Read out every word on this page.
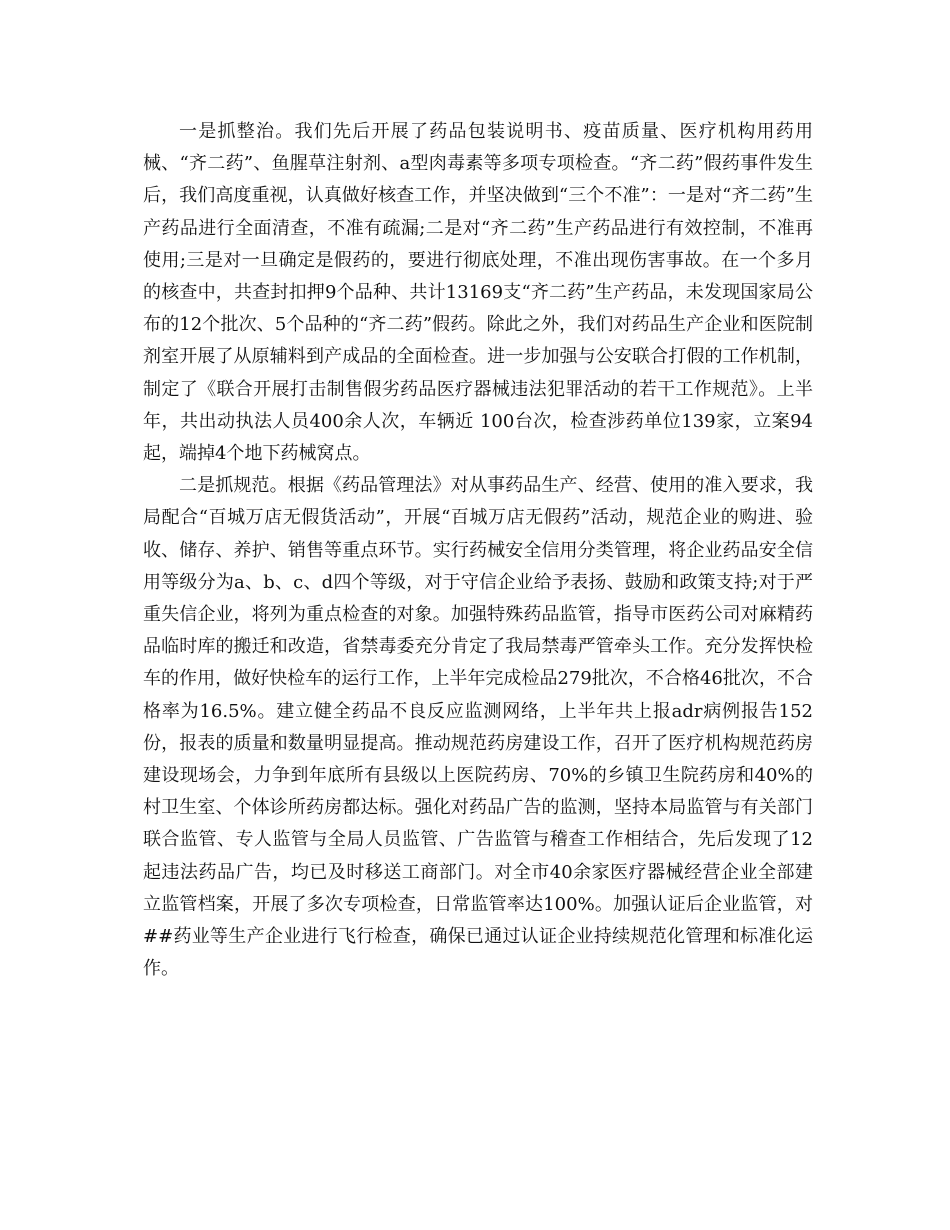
一是抓整治。我们先后开展了药品包装说明书、疫苗质量、医疗机构用药用械、“齐二药”、鱼腥草注射剂、a型肉毒素等多项专项检查。“齐二药”假药事件发生后，我们高度重视，认真做好核查工作，并坚决做到“三个不准”：一是对“齐二药”生产药品进行全面清查，不准有疏漏;二是对“齐二药”生产药品进行有效控制，不准再使用;三是对一旦确定是假药的，要进行彻底处理，不准出现伤害事故。在一个多月的核查中，共查封扣押9个品种、共计13169支“齐二药”生产药品，未发现国家局公布的12个批次、5个品种的“齐二药”假药。除此之外，我们对药品生产企业和医院制剂室开展了从原辅料到产成品的全面检查。进一步加强与公安联合打假的工作机制，制定了《联合开展打击制售假劣药品医疗器械违法犯罪活动的若干工作规范》。上半年，共出动执法人员400余人次，车辆近 100台次，检查涉药单位139家，立案94起，端掉4个地下药械窝点。

二是抓规范。根据《药品管理法》对从事药品生产、经营、使用的准入要求，我局配合“百城万店无假货活动”，开展“百城万店无假药”活动，规范企业的购进、验收、储存、养护、销售等重点环节。实行药械安全信用分类管理，将企业药品安全信用等级分为a、b、c、d四个等级，对于守信企业给予表扬、鼓励和政策支持;对于严重失信企业，将列为重点检查的对象。加强特殊药品监管，指导市医药公司对麻精药品临时库的搬迁和改造，省禁毒委充分肯定了我局禁毒严管牵头工作。充分发挥快检车的作用，做好快检车的运行工作，上半年完成检品279批次，不合格46批次，不合格率为16.5%。建立健全药品不良反应监测网络，上半年共上报adr病例报告152份，报表的质量和数量明显提高。推动规范药房建设工作，召开了医疗机构规范药房建设现场会，力争到年底所有县级以上医院药房、70%的乡镇卫生院药房和40%的村卫生室、个体诊所药房都达标。强化对药品广告的监测，坚持本局监管与有关部门联合监管、专人监管与全局人员监管、广告监管与稽查工作相结合，先后发现了12起违法药品广告，均已及时移送工商部门。对全市40余家医疗器械经营企业全部建立监管档案，开展了多次专项检查，日常监管率达100%。加强认证后企业监管，对##药业等生产企业进行飞行检查，确保已通过认证企业持续规范化管理和标准化运作。
